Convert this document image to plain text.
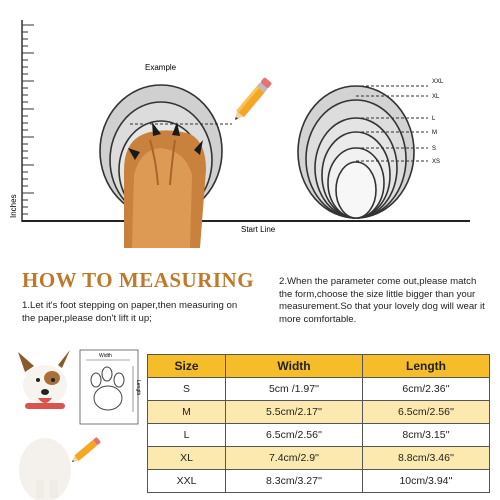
Inches
Start Line
Example
XXL
XL
L
M
S
XS
HOW TO MEASURING
1.Let it's foot stepping on paper,then measuring on the paper,please don't lift it up;
2.When the parameter come out,please match the form,choose the size little bigger than your measurement.So that your lovely dog will wear it more comfortable.
Width
Length
Size	Width	Length
S	5cm /1.97''	6cm/2.36''
M	5.5cm/2.17''	6.5cm/2.56''
L	6.5cm/2.56''	8cm/3.15''
XL	7.4cm/2.9''	8.8cm/3.46''
XXL	8.3cm/3.27''	10cm/3.94''
